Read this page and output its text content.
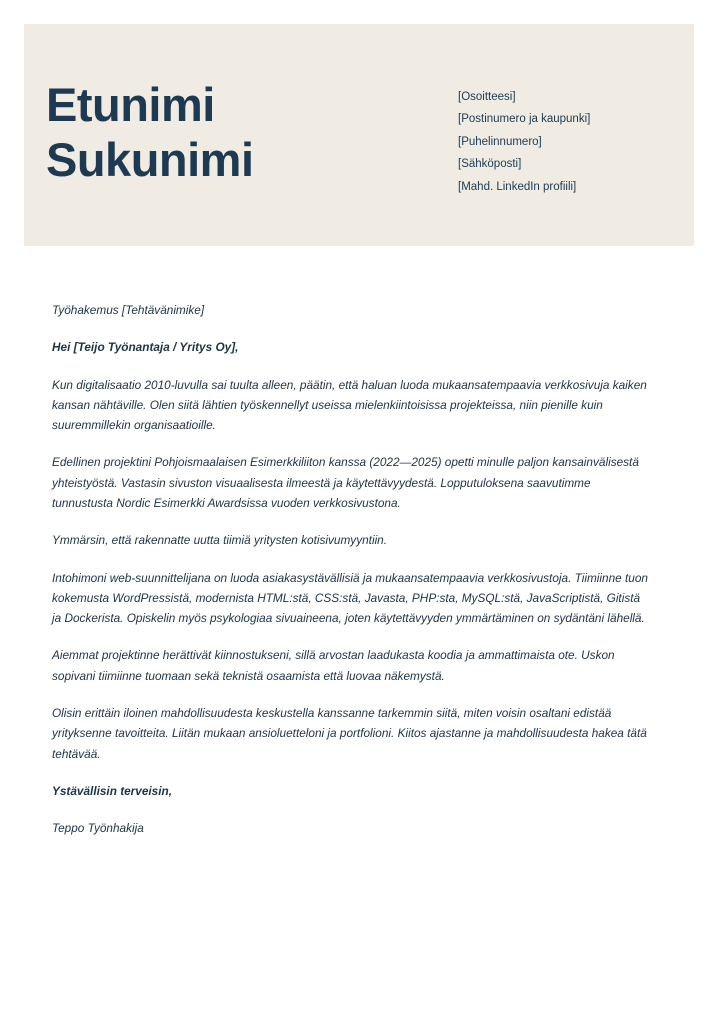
Etunimi
Sukunimi
[Osoitteesi]
[Postinumero ja kaupunki]
[Puhelinnumero]
[Sähköposti]
[Mahd. LinkedIn profiili]

Työhakemus [Tehtävänimike]

Hei [Teijo Työnantaja / Yritys Oy],

Kun digitalisaatio 2010-luvulla sai tuulta alleen, päätin, että haluan luoda mukaansatempaavia verkkosivuja kaiken kansan nähtäville. Olen siitä lähtien työskennellyt useissa mielenkiintoisissa projekteissa, niin pienille kuin suuremmillekin organisaatioille.

Edellinen projektini Pohjoismaalaisen Esimerkkiliiton kanssa (2022—2025) opetti minulle paljon kansainvälisestä yhteistyöstä. Vastasin sivuston visuaalisesta ilmeestä ja käytettävyydestä. Lopputuloksena saavutimme tunnustusta Nordic Esimerkki Awardsissa vuoden verkkosivustona.

Ymmärsin, että rakennatte uutta tiimiä yritysten kotisivumyyntiin.

Intohimoni web-suunnittelijana on luoda asiakasystävällisiä ja mukaansatempaavia verkkosivustoja. Tiimiinne tuon kokemusta WordPressistä, modernista HTML:stä, CSS:stä, Javasta, PHP:sta, MySQL:stä, JavaScriptistä, Gitistä ja Dockerista. Opiskelin myös psykologiaa sivuaineena, joten käytettävyyden ymmärtäminen on sydäntäni lähellä.

Aiemmat projektinne herättivät kiinnostukseni, sillä arvostan laadukasta koodia ja ammattimaista ote. Uskon sopivani tiimiinne tuomaan sekä teknistä osaamista että luovaa näkemystä.

Olisin erittäin iloinen mahdollisuudesta keskustella kanssanne tarkemmin siitä, miten voisin osaltani edistää yrityksenne tavoitteita. Liitän mukaan ansioluetteloni ja portfolioni. Kiitos ajastanne ja mahdollisuudesta hakea tätä tehtävää.

Ystävällisin terveisin,

Teppo Työnhakija
